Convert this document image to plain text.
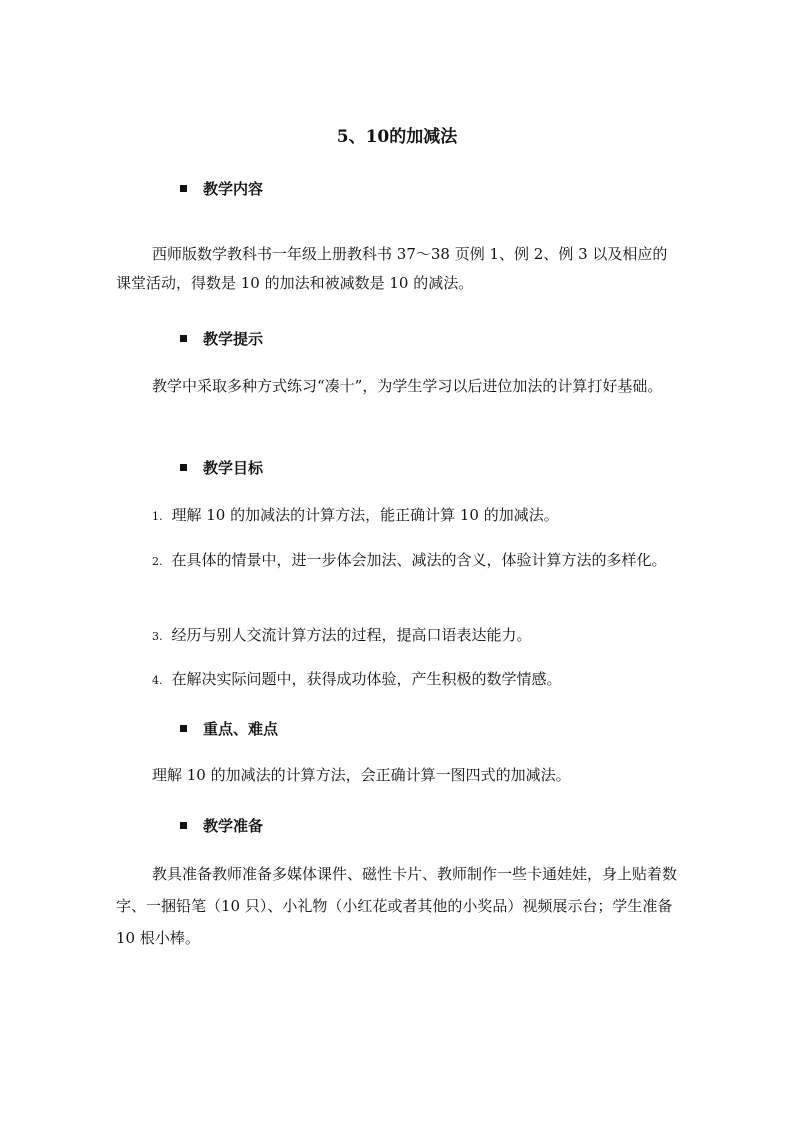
5、10的加减法
教学内容
西师版数学教科书一年级上册教科书 37～38 页例 1、例 2、例 3 以及相应的课堂活动，得数是 10 的加法和被减数是 10 的减法。
教学提示
教学中采取多种方式练习“凑十”，为学生学习以后进位加法的计算打好基础。
教学目标
1. 理解 10 的加减法的计算方法，能正确计算 10 的加减法。
2. 在具体的情景中，进一步体会加法、减法的含义，体验计算方法的多样化。
3. 经历与别人交流计算方法的过程，提高口语表达能力。
4. 在解决实际问题中，获得成功体验，产生积极的数学情感。
重点、难点
理解 10 的加减法的计算方法，会正确计算一图四式的加减法。
教学准备
教具准备教师准备多媒体课件、磁性卡片、教师制作一些卡通娃娃，身上贴着数字、一捆铅笔（10 只）、小礼物（小红花或者其他的小奖品）视频展示台；学生准备 10 根小棒。
